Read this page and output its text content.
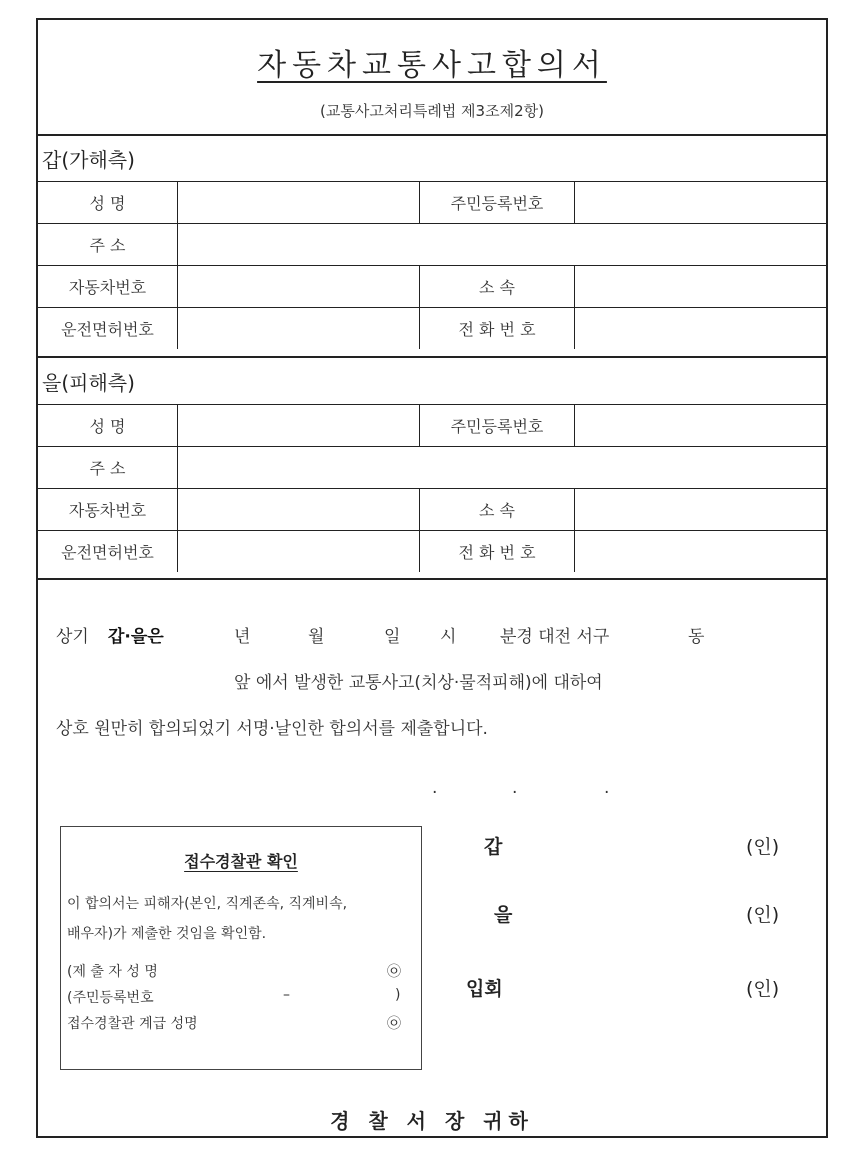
자동차교통사고합의서
(교통사고처리특례법 제3조제2항)
갑(가해측)
성 명		주민등록번호	
주 소			
자동차번호		소 속	
운전면허번호		전 화 번 호	
을(피해측)
성 명		주민등록번호	
주 소			
자동차번호		소 속	
운전면허번호		전 화 번 호	
상기 갑·을은	년	월	일 시	분경 대전 서구	동
앞 에서 발생한 교통사고(치상·물적피해)에 대하여
상호 원만히 합의되었기 서명·날인한 합의서를 제출합니다.
.	.	.
접수경찰관 확인
이 합의서는 피해자(본인, 직계존속, 직계비속,
배우자)가 제출한 것임을 확인함.
(제 출 자 성 명	㉧
(주민등록번호	–	)
접수경찰관 계급 성명	㉧
갑	(인)
을	(인)
입회	(인)
경 찰 서 장 귀하
